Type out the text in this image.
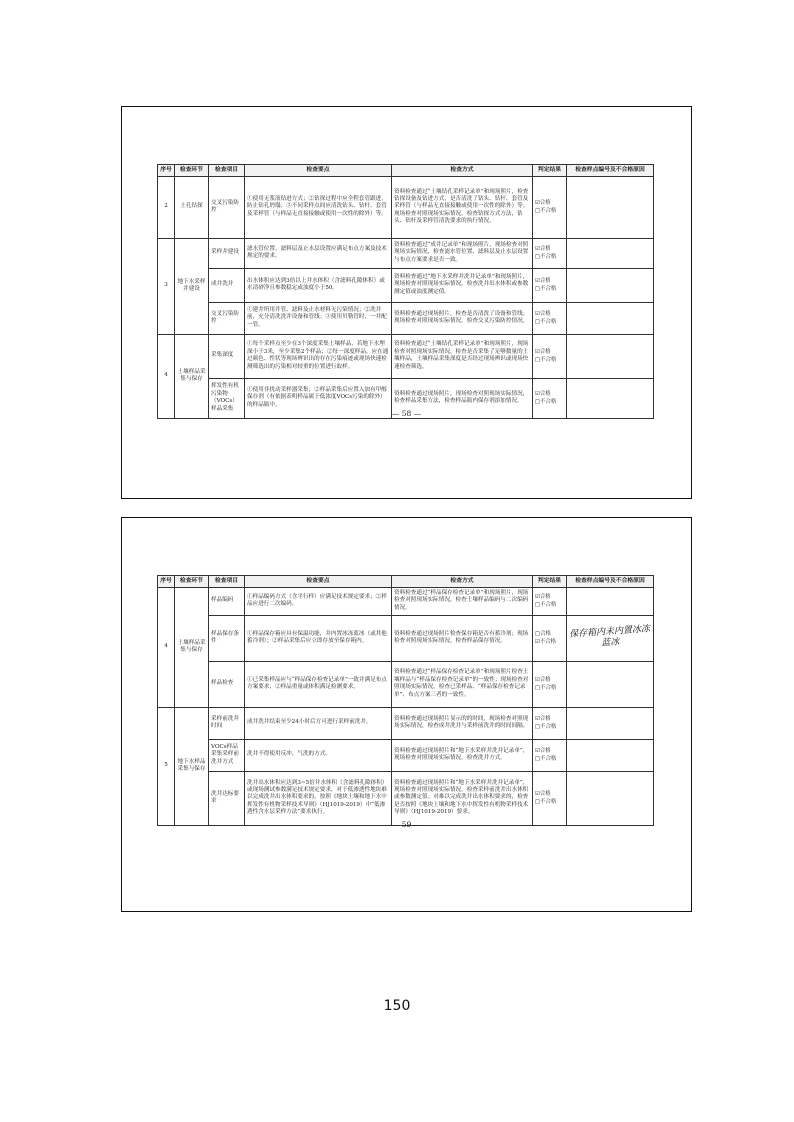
序号	检查环节	检查项目	检查要点	检查方式	判定结果	检查样点编号及不合格原因
2	土孔钻探	交叉污染防控	①使用无浆液钻进方式；②钻探过程中应全程套管跟进，防止钻孔坍塌；③不同采样点间应清洗钻头、钻杆、套管及采样管（与样品无直接接触或使用一次性的除外）等。	资料检查通过“土壤钻孔采样记录单”和现场照片，检查钻探设备及钻进方式，是否清洗了钻头、钻杆、套管及采样管（与样品无直接接触或使用一次性的除外）等；现场检查对照现场实际情况，检查钻探方式方法，钻头、钻杆及采样管清洗要求的执行情况。	☑合格
□不合格	

3	地下水采样井建设	采样井建设	滤水管位置、滤料层及止水层设置应满足布点方案及技术规定的要求。	资料检查通过“成井记录单”和现场照片，现场检查对照现场实际情况，检查滤水管位置、滤料层及止水层设置与布点方案要求是否一致。	☑合格
□不合格	

		成井洗井	出水体积应达到3倍以上井水体积（含滤料孔隙体积）或水清砂净且参数稳定或浊度小于50。	资料检查通过“地下水采样井洗井记录单”和现场照片，现场检查对照现场实际情况，检查洗井出水体积或参数测定值或浊度测定值。	☑合格
□不合格	

		交叉污染防控	①建井所用井管、滤料及止水材料无污染情况；②洗井前，充分清洗洗井设备和管线；③使用贝勒管时，一井配一管。	资料检查通过现场照片，检查是否清洗了设备和管线；现场检查对照现场实际情况，检查交叉污染防控情况。	☑合格
□不合格	

4	土壤样品采集与保存	采集深度	①每个采样点至少在3个深度采集土壤样品，若地下水埋深小于3米，至少采集2个样品；②每一深度样品，应在通过颜色、性状等现场辨识出的存在污染痕迹或现场快速检测筛选出的污染相对较重的位置进行取样。	资料检查通过“土壤钻孔采样记录单”和现场照片，现场检查对照现场实际情况，检查是否采集了足够数量的土壤样品，土壤样品采集深度是否经过现场辨识或现场快速检查筛选。	☑合格
□不合格	

		挥发性有机污染物（VOCs）样品采集	①使用非扰动采样器采集；②样品采集后应置入加有甲醇保存剂（有依据表明样品属于低浓度VOCs污染的除外）的样品瓶中。	资料检查通过现场照片，现场检查对照现场实际情况，检查样品采集方法，检查样品瓶内保存剂添加情况。	☑合格
□不合格	

— 58 —
序号	检查环节	检查项目	检查要点	检查方式	判定结果	检查样点编号及不合格原因
4	土壤样品采集与保存	样品编码	①样品编码方式（含平行样）应满足技术规定要求；②样品应进行二次编码。	资料检查通过“样品保存检查记录单”和现场照片，现场检查对照现场实际情况，检查土壤样品编码与二次编码情况。	☑合格
□不合格	

		样品保存条件	①样品保存箱应具有保温功能，并内置冰冻蓝冰（或其他蓄冷剂）；②样品采集后应立即存放至保存箱内。	资料检查通过现场照片检查保存箱是否有蓄冷剂；现场检查对照现场实际情况，检查样品保存情况。	□合格
☑不合格	保存箱内未内置冰冻蓝冰
		样品检查	①已采集样品应与“样品保存检查记录单”一致并满足布点方案要求；②样品重量或体积满足检测要求。	资料检查通过“样品保存检查记录单”和现场照片检查土壤样品与“样品保存检查记录单”的一致性；现场检查对照现场实际情况，检查已采样品、“样品保存检查记录单”、布点方案三者的一致性。	☑合格
□不合格	

5	地下水样品采集与保存	采样前洗井时间	成井洗井结束至少24小时后方可进行采样前洗井。	资料检查通过现场照片显示的的时间，现场检查对照现场实际情况，检查成井洗井与采样前洗井的时间间隔。	☑合格
□不合格	

		VOCs样品采集采样前洗井方式	洗井不得使用反冲、气洗的方式。	资料检查通过现场照片和“地下水采样井洗井记录单”，现场检查对照现场实际情况，检查洗井方式。	☑合格
□不合格	

		洗井达标要求	洗井出水体积应达到3~5倍井水体积（含滤料孔隙体积）或现场测试参数满足技术规定要求，对于低渗透性地块难以完成洗井出水体积要求的，按照《地块土壤和地下水中挥发性有机物采样技术导则》（HJ1019-2019）中“低渗透性含水层采样方法”要求执行。	资料检查通过现场照片和“地下水采样井洗井记录单”，现场检查对照现场实际情况，检查采样前洗井出水体积或参数测定值；对难以完成洗井出水体积要求的，检查是否按照《地块土壤和地下水中挥发性有机物采样技术导则》（HJ1019-2019）要求。	☑合格
□不合格	

— 59 —
150
